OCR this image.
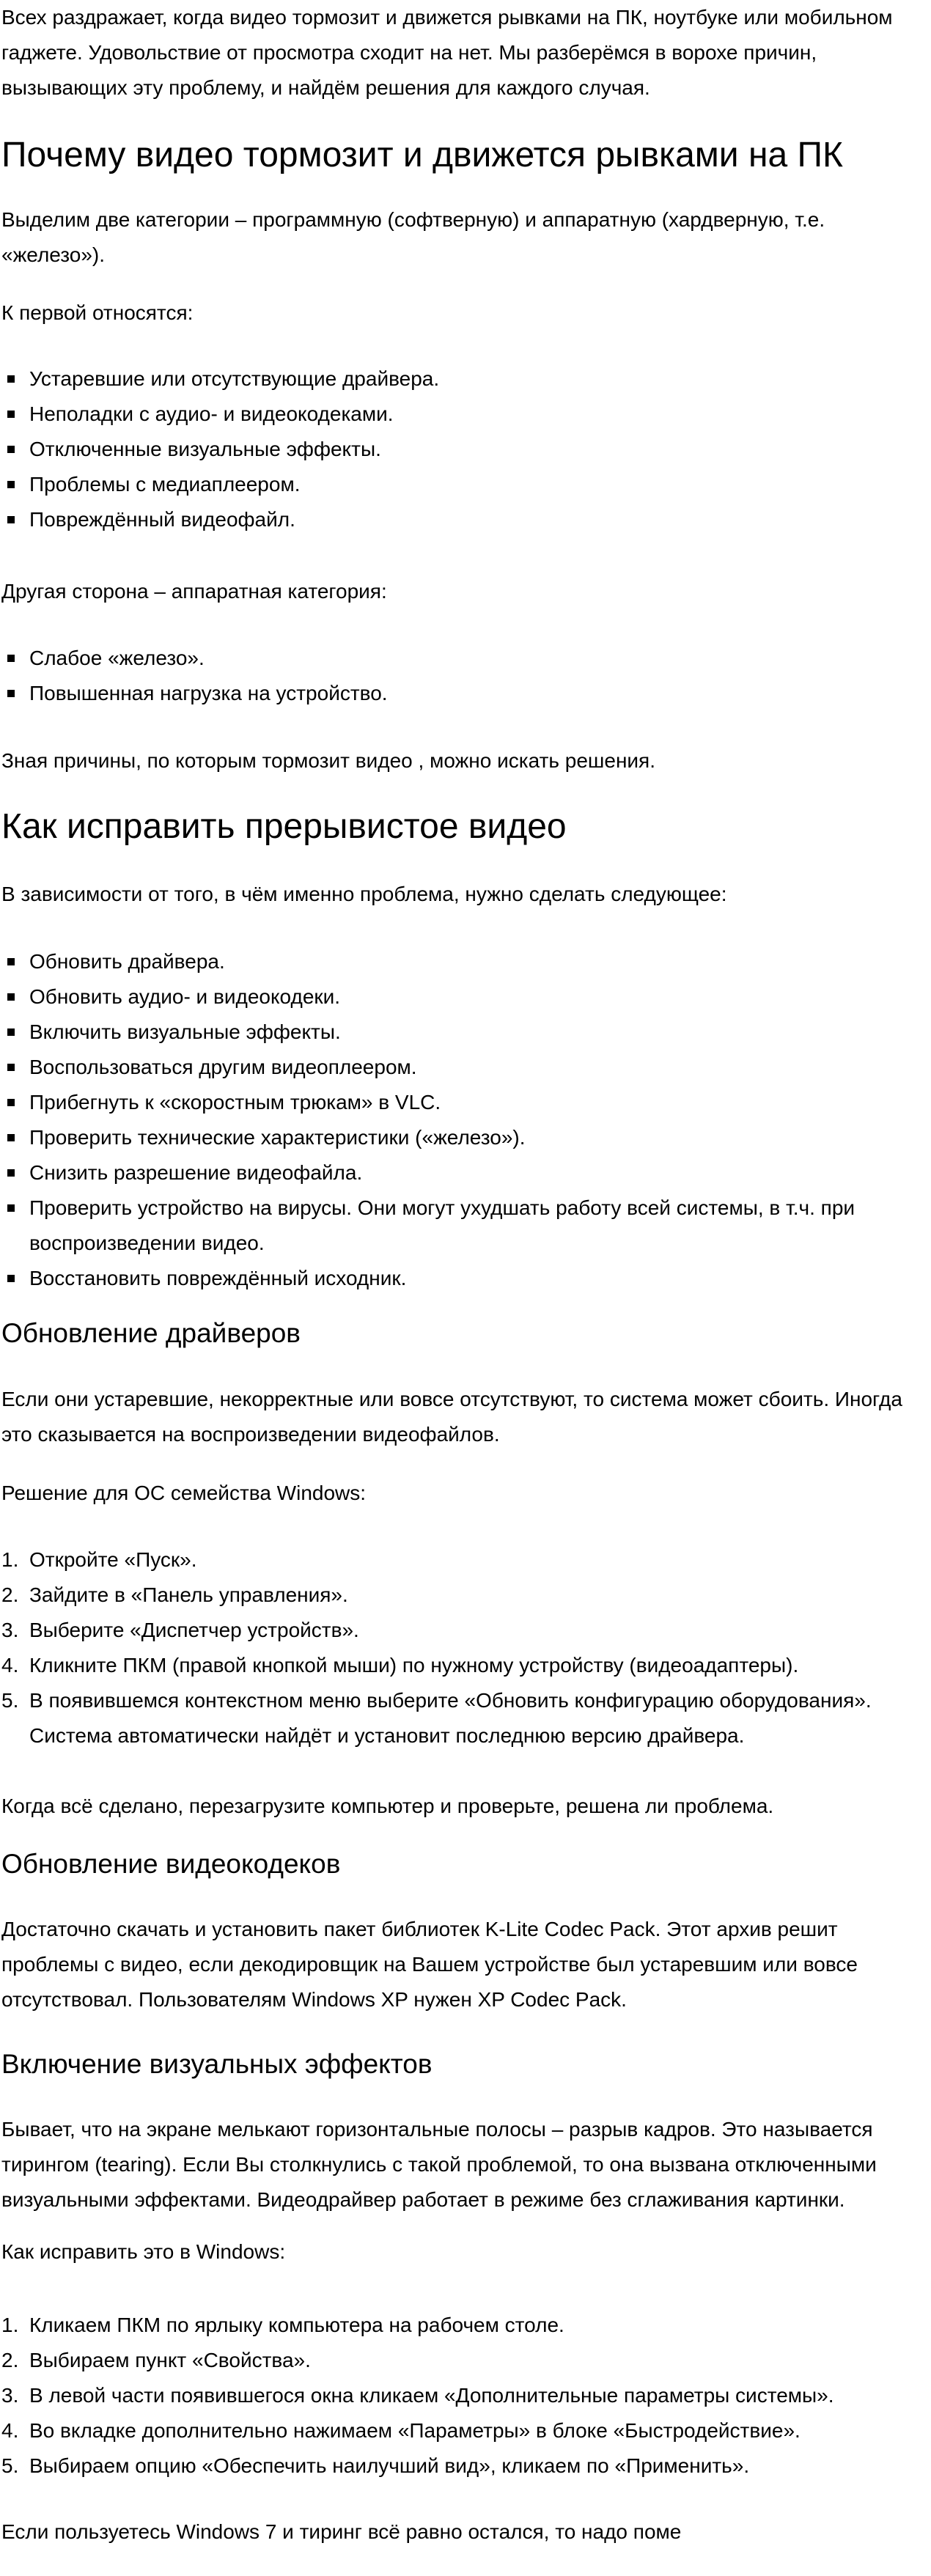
Всех раздражает, когда видео тормозит и движется рывками на ПК, ноутбуке или мобильном гаджете. Удовольствие от просмотра сходит на нет. Мы разберёмся в ворохе причин, вызывающих эту проблему, и найдём решения для каждого случая.

Почему видео тормозит и движется рывками на ПК

Выделим две категории – программную (софтверную) и аппаратную (хардверную, т.е. «железо»).

К первой относятся:

Устаревшие или отсутствующие драйвера.
Неполадки с аудио- и видеокодеками.
Отключенные визуальные эффекты.
Проблемы с медиаплеером.
Повреждённый видеофайл.

Другая сторона – аппаратная категория:

Слабое «железо».
Повышенная нагрузка на устройство.

Зная причины, по которым тормозит видео , можно искать решения.

Как исправить прерывистое видео

В зависимости от того, в чём именно проблема, нужно сделать следующее:

Обновить драйвера.
Обновить аудио- и видеокодеки.
Включить визуальные эффекты.
Воспользоваться другим видеоплеером.
Прибегнуть к «скоростным трюкам» в VLC.
Проверить технические характеристики («железо»).
Снизить разрешение видеофайла.
Проверить устройство на вирусы. Они могут ухудшать работу всей системы, в т.ч. при воспроизведении видео.
Восстановить повреждённый исходник.
Обновление драйверов

Если они устаревшие, некорректные или вовсе отсутствуют, то система может сбоить. Иногда это сказывается на воспроизведении видеофайлов.

Решение для ОС семейства Windows:

Откройте «Пуск».
Зайдите в «Панель управления».
Выберите «Диспетчер устройств».
Кликните ПКМ (правой кнопкой мыши) по нужному устройству (видеоадаптеры).
В появившемся контекстном меню выберите «Обновить конфигурацию оборудования». Система автоматически найдёт и установит последнюю версию драйвера.

Когда всё сделано, перезагрузите компьютер и проверьте, решена ли проблема.

Обновление видеокодеков

Достаточно скачать и установить пакет библиотек K-Lite Codec Pack. Этот архив решит проблемы с видео, если декодировщик на Вашем устройстве был устаревшим или вовсе отсутствовал. Пользователям Windows XP нужен XP Codec Pack.

Включение визуальных эффектов

Бывает, что на экране мелькают горизонтальные полосы – разрыв кадров. Это называется тирингом (tearing). Если Вы столкнулись с такой проблемой, то она вызвана отключенными визуальными эффектами. Видеодрайвер работает в режиме без сглаживания картинки.

Как исправить это в Windows:

Кликаем ПКМ по ярлыку компьютера на рабочем столе.
Выбираем пункт «Свойства».
В левой части появившегося окна кликаем «Дополнительные параметры системы».
Во вкладке дополнительно нажимаем «Параметры» в блоке «Быстродействие».
Выбираем опцию «Обеспечить наилучший вид», кликаем по «Применить».

Если пользуетесь Windows 7 и тиринг всё равно остался, то надо поме
